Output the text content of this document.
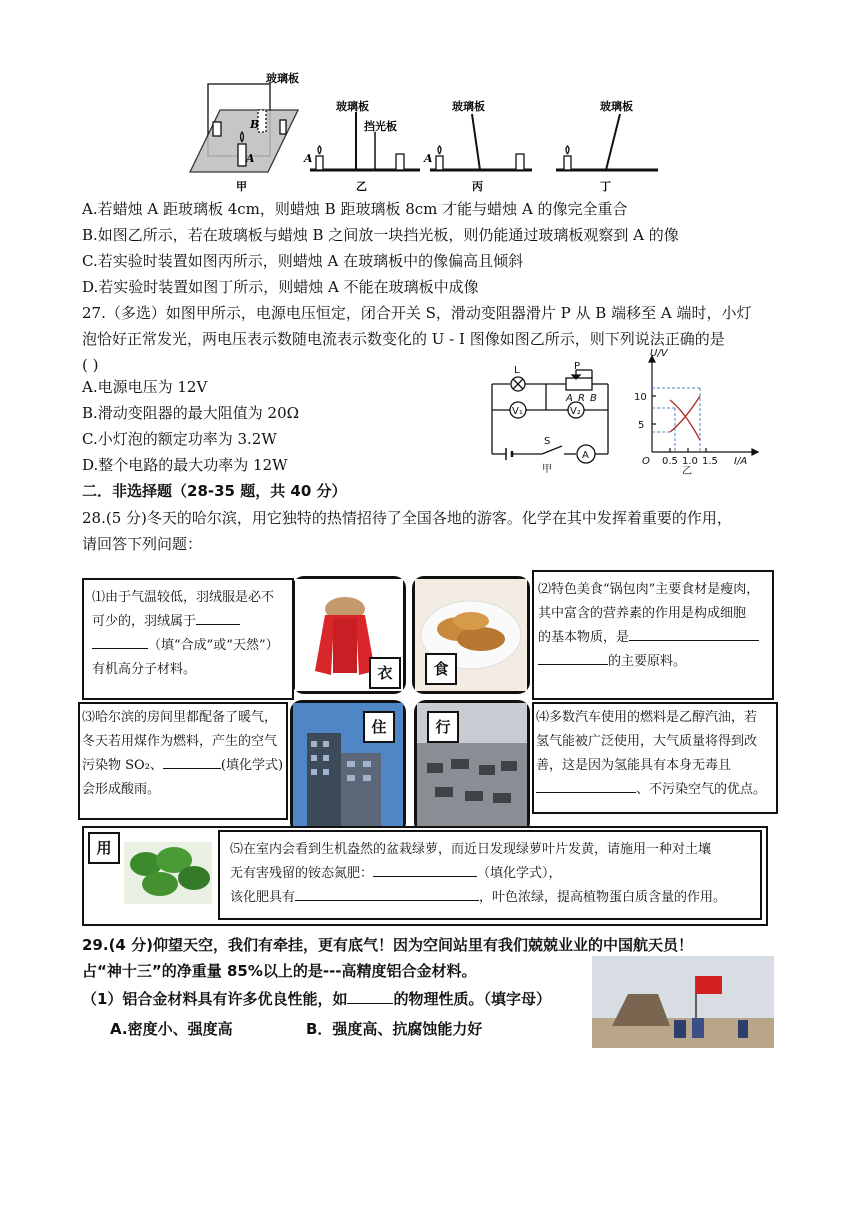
玻璃板
B
A
甲
玻璃板
挡光板
A
乙
玻璃板
A
丙
玻璃板
丁
A.若蜡烛 A 距玻璃板 4cm，则蜡烛 B 距玻璃板 8cm 才能与蜡烛 A 的像完全重合
B.如图乙所示，若在玻璃板与蜡烛 B 之间放一块挡光板，则仍能通过玻璃板观察到 A 的像
C.若实验时装置如图丙所示，则蜡烛 A 在玻璃板中的像偏高且倾斜
D.若实验时装置如图丁所示，则蜡烛 A 不能在玻璃板中成像
27.（多选）如图甲所示，电源电压恒定，闭合开关 S，滑动变阻器滑片 P 从 B 端移至 A 端时，小灯
泡恰好正常发光，两电压表示数随电流表示数变化的 U - I 图像如图乙所示，则下列说法正确的是
( )
A.电源电压为 12V
B.滑动变阻器的最大阻值为 20Ω
C.小灯泡的额定功率为 3.2W
D.整个电路的最大功率为 12W
L	P
A R B
V₁	V₂
S
A
甲
U/V
10
5
O 0.5 1.0 1.5 I/A
乙
二．非选择题（28-35 题，共 40 分）
28.(5 分)冬天的哈尔滨，用它独特的热情招待了全国各地的游客。化学在其中发挥着重要的作用，
请回答下列问题：
⑴由于气温较低，羽绒服是必不
可少的，羽绒属于
（填“合成”或“天然”）
有机高分子材料。	衣	食
⑵特色美食“锅包肉”主要食材是瘦肉，
其中富含的营养素的作用是构成细胞
的基本物质，是
的主要原料。
⑶哈尔滨的房间里都配备了暖气，
冬天若用煤作为燃料，产生的空气
污染物 SO₂、	(填化学式)
会形成酸雨。
住	行
⑷多数汽车使用的燃料是乙醇汽油，若
氢气能被广泛使用，大气质量将得到改
善，这是因为氢能具有本身无毒且
、不污染空气的优点。
用	⑸在室内会看到生机盎然的盆栽绿萝，而近日发现绿萝叶片发黄，请施用一种对土壤
无有害残留的铵态氮肥：	（填化学式），
该化肥具有	，叶色浓绿，提高植物蛋白质含量的作用。
29.(4 分)仰望天空，我们有牵挂，更有底气！因为空间站里有我们兢兢业业的中国航天员！
占“神十三”的净重量 85%以上的是---高精度铝合金材料。
（1）铝合金材料具有许多优良性能，如	的物理性质。（填字母）
A.密度小、强度高	B．强度高、抗腐蚀能力好
